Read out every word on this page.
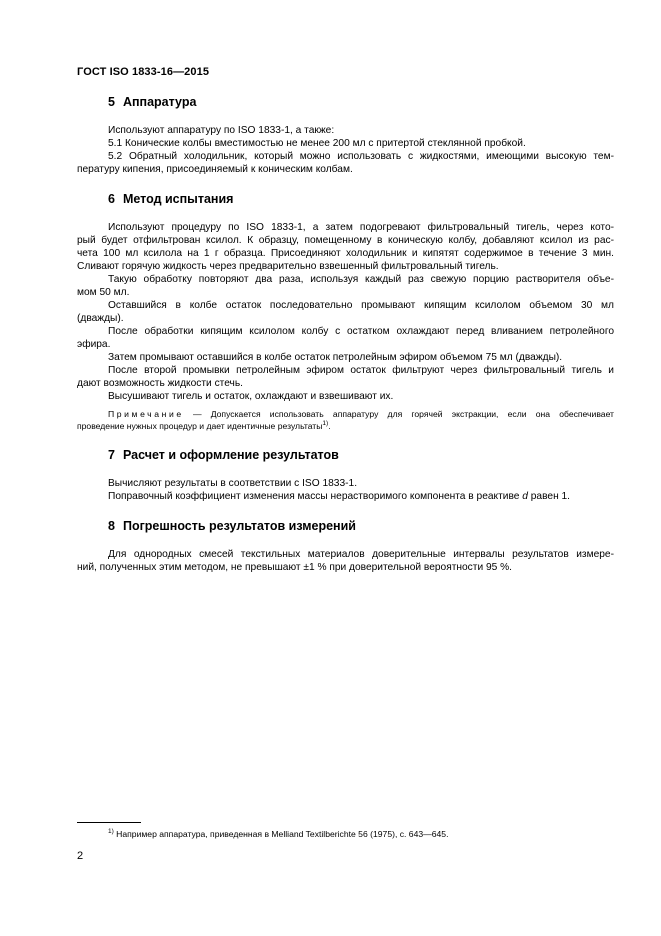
ГОСТ ISO 1833-16—2015
5 Аппаратура
Используют аппаратуру по ISO 1833-1, а также:
5.1 Конические колбы вместимостью не менее 200 мл с притертой стеклянной пробкой.
5.2 Обратный холодильник, который можно использовать с жидкостями, имеющими высокую тем-
пературу кипения, присоединяемый к коническим колбам.
6 Метод испытания
Используют процедуру по ISO 1833-1, а затем подогревают фильтровальный тигель, через кото-
рый будет отфильтрован ксилол. К образцу, помещенному в коническую колбу, добавляют ксилол из рас-
чета 100 мл ксилола на 1 г образца. Присоединяют холодильник и кипятят содержимое в течение 3 мин.
Сливают горячую жидкость через предварительно взвешенный фильтровальный тигель.
Такую обработку повторяют два раза, используя каждый раз свежую порцию растворителя объе-
мом 50 мл.
Оставшийся в колбе остаток последовательно промывают кипящим ксилолом объемом 30 мл
(дважды).
После обработки кипящим ксилолом колбу с остатком охлаждают перед вливанием петролейного
эфира.
Затем промывают оставшийся в колбе остаток петролейным эфиром объемом 75 мл (дважды).
После второй промывки петролейным эфиром остаток фильтруют через фильтровальный тигель и
дают возможность жидкости стечь.
Высушивают тигель и остаток, охлаждают и взвешивают их.
Примечание — Допускается использовать аппаратуру для горячей экстракции, если она обеспечивает
проведение нужных процедур и дает идентичные результаты$^{1)}$.
7 Расчет и оформление результатов
Вычисляют результаты в соответствии с ISO 1833-1.
Поправочный коэффициент изменения массы нерастворимого компонента в реактиве d равен 1.
8 Погрешность результатов измерений
Для однородных смесей текстильных материалов доверительные интервалы результатов измере-
ний, полученных этим методом, не превышают ±1 % при доверительной вероятности 95 %.
$^{1)}$ Например аппаратура, приведенная в Melliand Textilberichte 56 (1975), с. 643—645.
2
